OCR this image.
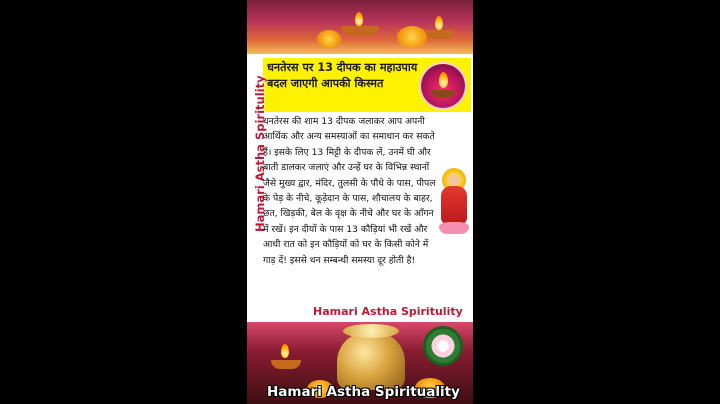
धनतेरस पर 13 दीपक का महाउपाय बदल जाएगी आपकी किस्मत
Hamari Astha Spiritulity
धनतेरस की शाम 13 दीपक जलाकर आप अपनी आर्थिक और अन्य समस्याओं का समाधान कर सकते हैं। इसके लिए 13 मिट्टी के दीपक लें, उनमें घी और बाती डालकर जलाएं और उन्हें घर के विभिन्न स्थानों जैसे मुख्य द्वार, मंदिर, तुलसी के पौधे के पास, पीपल के पेड़ के नीचे, कूड़ेदान के पास, शौचालय के बाहर, छत, खिड़की, बेल के वृक्ष के नीचे और घर के आँगन में रखें। इन दीयों के पास 13 कौड़ियां भी रखें और आधी रात को इन कौड़ियों को घर के किसी कोने में गाड़ दें! इससे धन सम्बन्धी समस्या दूर होती है!
Hamari Astha Spiritulity
Hamari Astha Spirituality
